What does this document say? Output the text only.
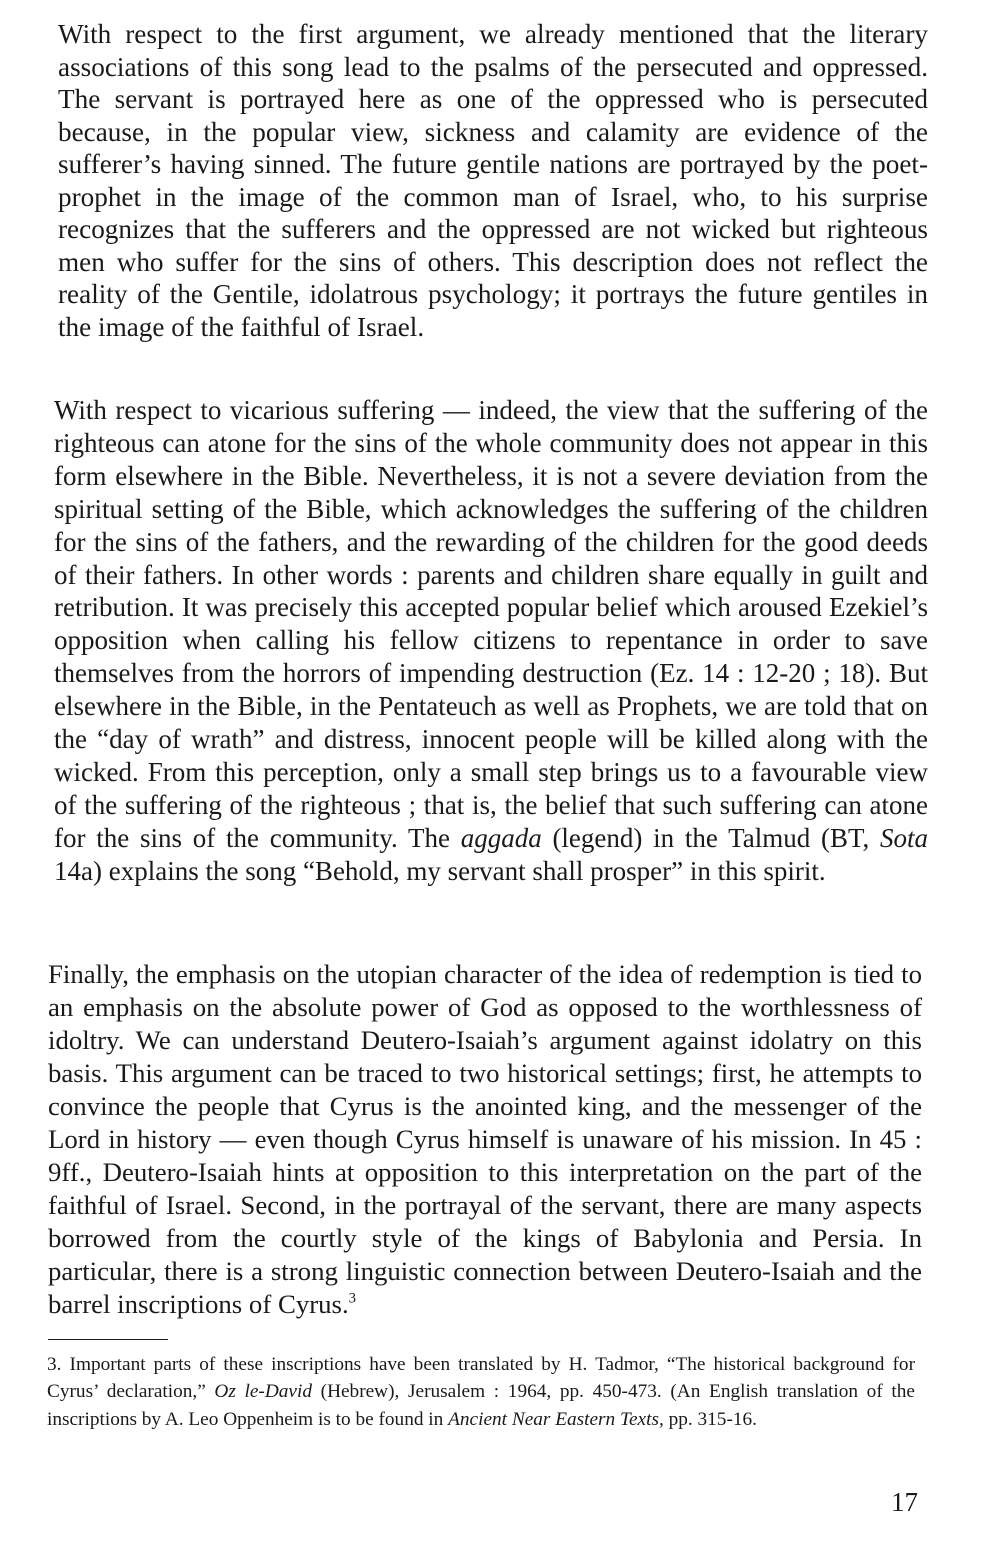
With respect to the first argument, we already mentioned that the literary associations of this song lead to the psalms of the persecuted and oppressed. The servant is portrayed here as one of the oppressed who is persecuted because, in the popular view, sickness and calamity are evidence of the sufferer’s having sinned. The future gentile nations are portrayed by the poet-prophet in the image of the common man of Israel, who, to his surprise recognizes that the sufferers and the oppressed are not wicked but righteous men who suffer for the sins of others. This description does not reflect the reality of the Gentile, idolatrous psychology; it portrays the future gentiles in the image of the faithful of Israel.

With respect to vicarious suffering — indeed, the view that the suffering of the righteous can atone for the sins of the whole community does not appear in this form elsewhere in the Bible. Nevertheless, it is not a severe deviation from the spiritual setting of the Bible, which acknowledges the suffering of the children for the sins of the fathers, and the rewarding of the children for the good deeds of their fathers. In other words : parents and children share equally in guilt and retribution. It was precisely this accepted popular belief which aroused Ezekiel’s opposition when calling his fellow citizens to repentance in order to save themselves from the horrors of impending destruction (Ez. 14 : 12-20 ; 18). But elsewhere in the Bible, in the Pentateuch as well as Prophets, we are told that on the “day of wrath” and distress, innocent people will be killed along with the wicked. From this perception, only a small step brings us to a favourable view of the suffering of the righteous ; that is, the belief that such suffering can atone for the sins of the community. The aggada (legend) in the Talmud (BT, Sota 14a) explains the song “Behold, my servant shall prosper” in this spirit.

Finally, the emphasis on the utopian character of the idea of redemption is tied to an emphasis on the absolute power of God as opposed to the worthlessness of idoltry. We can understand Deutero-Isaiah’s argument against idolatry on this basis. This argument can be traced to two historical settings; first, he attempts to convince the people that Cyrus is the anointed king, and the messenger of the Lord in history — even though Cyrus himself is unaware of his mission. In 45 : 9ff., Deutero-Isaiah hints at opposition to this interpretation on the part of the faithful of Israel. Second, in the portrayal of the servant, there are many aspects borrowed from the courtly style of the kings of Babylonia and Persia. In particular, there is a strong linguistic connection between Deutero-Isaiah and the barrel inscriptions of Cyrus.$^3$

3. Important parts of these inscriptions have been translated by H. Tadmor, “The historical background for Cyrus’ declaration,” Oz le-David (Hebrew), Jerusalem : 1964, pp. 450-473. (An English translation of the inscriptions by A. Leo Oppenheim is to be found in Ancient Near Eastern Texts, pp. 315-16.

17
